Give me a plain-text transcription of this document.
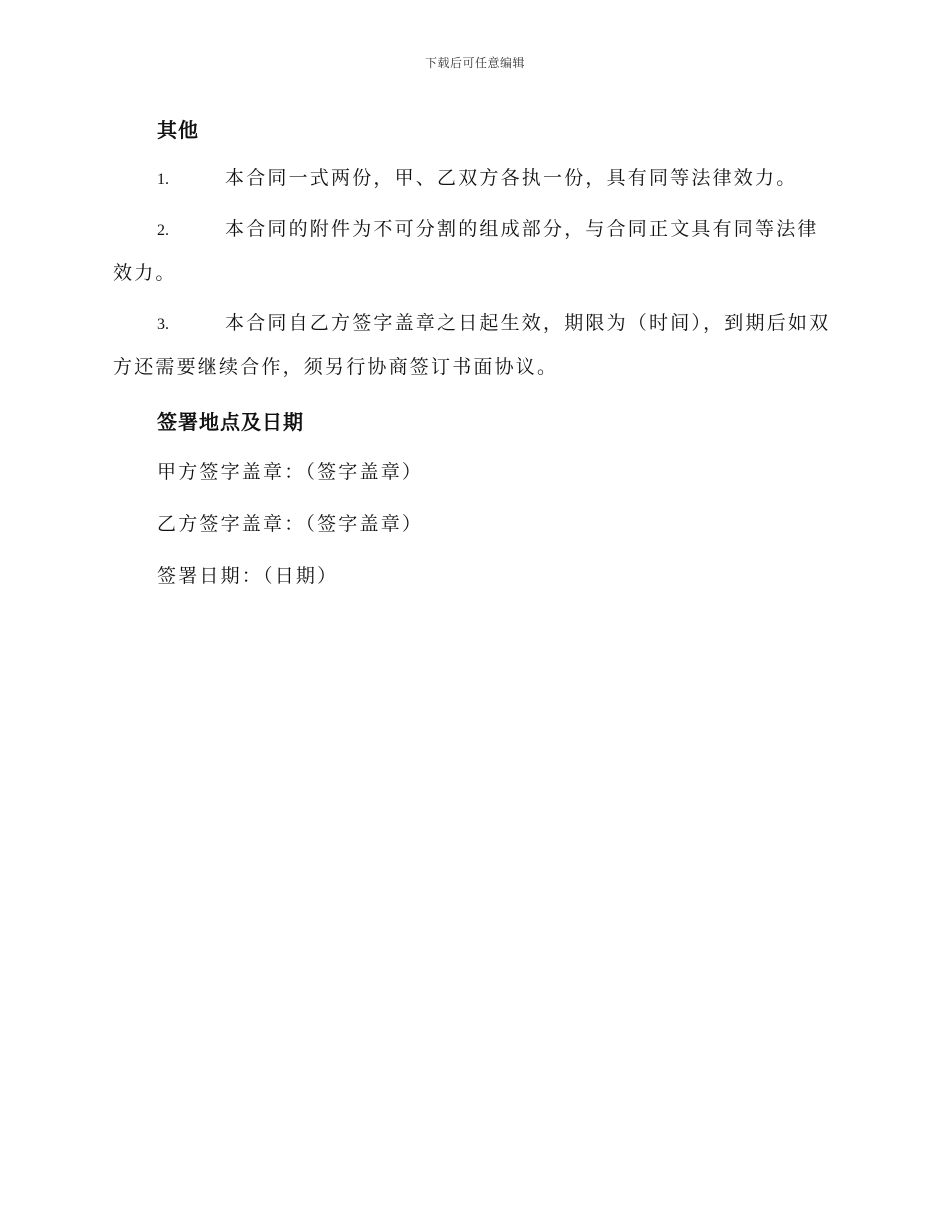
下载后可任意编辑
其他
1.	本合同一式两份，甲、乙双方各执一份，具有同等法律效力。
2.	本合同的附件为不可分割的组成部分，与合同正文具有同等法律效力。
3.	本合同自乙方签字盖章之日起生效，期限为（时间），到期后如双方还需要继续合作，须另行协商签订书面协议。
签署地点及日期
甲方签字盖章：（签字盖章）
乙方签字盖章：（签字盖章）
签署日期：（日期）
